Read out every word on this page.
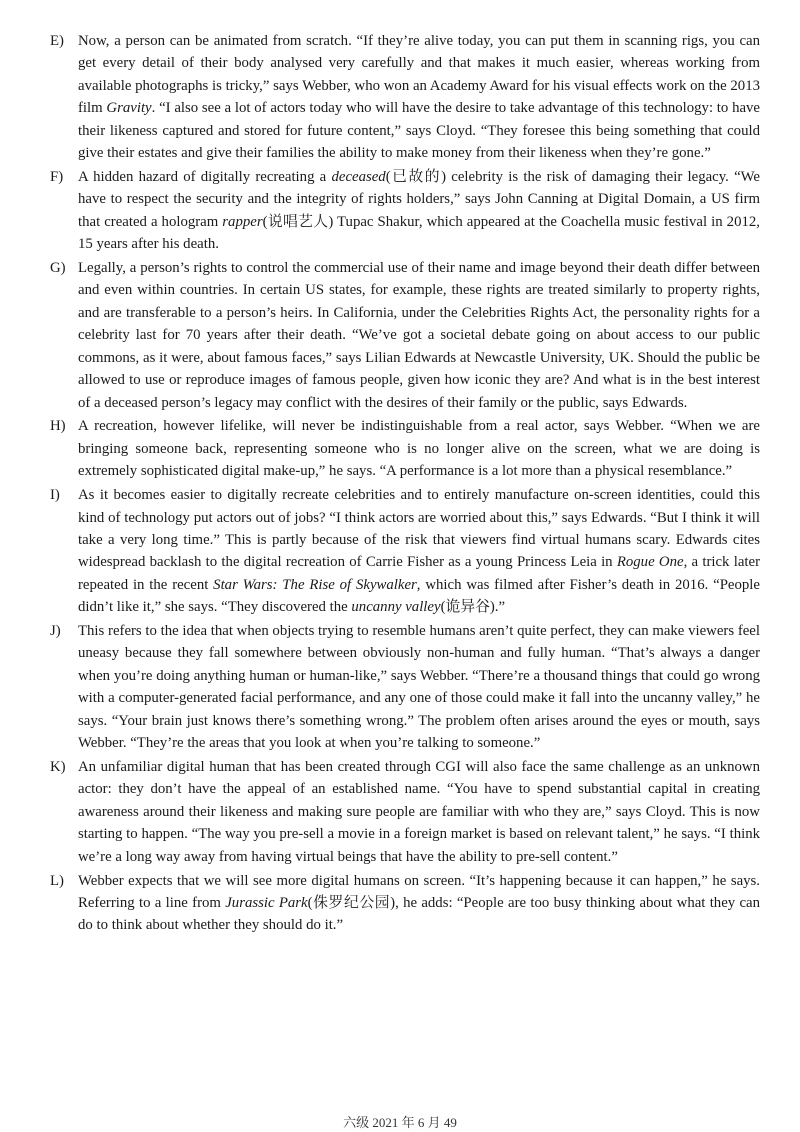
E) Now, a person can be animated from scratch. “If they’re alive today, you can put them in scanning rigs, you can get every detail of their body analysed very carefully and that makes it much easier, whereas working from available photographs is tricky,” says Webber, who won an Academy Award for his visual effects work on the 2013 film Gravity. “I also see a lot of actors today who will have the desire to take advantage of this technology: to have their likeness captured and stored for future content,” says Cloyd. “They foresee this being something that could give their estates and give their families the ability to make money from their likeness when they’re gone.”
F) A hidden hazard of digitally recreating a deceased(已故的) celebrity is the risk of damaging their legacy. “We have to respect the security and the integrity of rights holders,” says John Canning at Digital Domain, a US firm that created a hologram rapper(说唱艺人) Tupac Shakur, which appeared at the Coachella music festival in 2012, 15 years after his death.
G) Legally, a person’s rights to control the commercial use of their name and image beyond their death differ between and even within countries. In certain US states, for example, these rights are treated similarly to property rights, and are transferable to a person’s heirs. In California, under the Celebrities Rights Act, the personality rights for a celebrity last for 70 years after their death. “We’ve got a societal debate going on about access to our public commons, as it were, about famous faces,” says Lilian Edwards at Newcastle University, UK. Should the public be allowed to use or reproduce images of famous people, given how iconic they are? And what is in the best interest of a deceased person’s legacy may conflict with the desires of their family or the public, says Edwards.
H) A recreation, however lifelike, will never be indistinguishable from a real actor, says Webber. “When we are bringing someone back, representing someone who is no longer alive on the screen, what we are doing is extremely sophisticated digital make-up,” he says. “A performance is a lot more than a physical resemblance.”
I) As it becomes easier to digitally recreate celebrities and to entirely manufacture on-screen identities, could this kind of technology put actors out of jobs? “I think actors are worried about this,” says Edwards. “But I think it will take a very long time.” This is partly because of the risk that viewers find virtual humans scary. Edwards cites widespread backlash to the digital recreation of Carrie Fisher as a young Princess Leia in Rogue One, a trick later repeated in the recent Star Wars: The Rise of Skywalker, which was filmed after Fisher’s death in 2016. “People didn’t like it,” she says. “They discovered the uncanny valley(诡异谷).”
J) This refers to the idea that when objects trying to resemble humans aren’t quite perfect, they can make viewers feel uneasy because they fall somewhere between obviously non-human and fully human. “That’s always a danger when you’re doing anything human or human-like,” says Webber. “There’re a thousand things that could go wrong with a computer-generated facial performance, and any one of those could make it fall into the uncanny valley,” he says. “Your brain just knows there’s something wrong.” The problem often arises around the eyes or mouth, says Webber. “They’re the areas that you look at when you’re talking to someone.”
K) An unfamiliar digital human that has been created through CGI will also face the same challenge as an unknown actor: they don’t have the appeal of an established name. “You have to spend substantial capital in creating awareness around their likeness and making sure people are familiar with who they are,” says Cloyd. This is now starting to happen. “The way you pre-sell a movie in a foreign market is based on relevant talent,” he says. “I think we’re a long way away from having virtual beings that have the ability to pre-sell content.”
L) Webber expects that we will see more digital humans on screen. “It’s happening because it can happen,” he says. Referring to a line from Jurassic Park(侏罗纪公园), he adds: “People are too busy thinking about what they can do to think about whether they should do it.”
六级 2021 年 6 月 49
